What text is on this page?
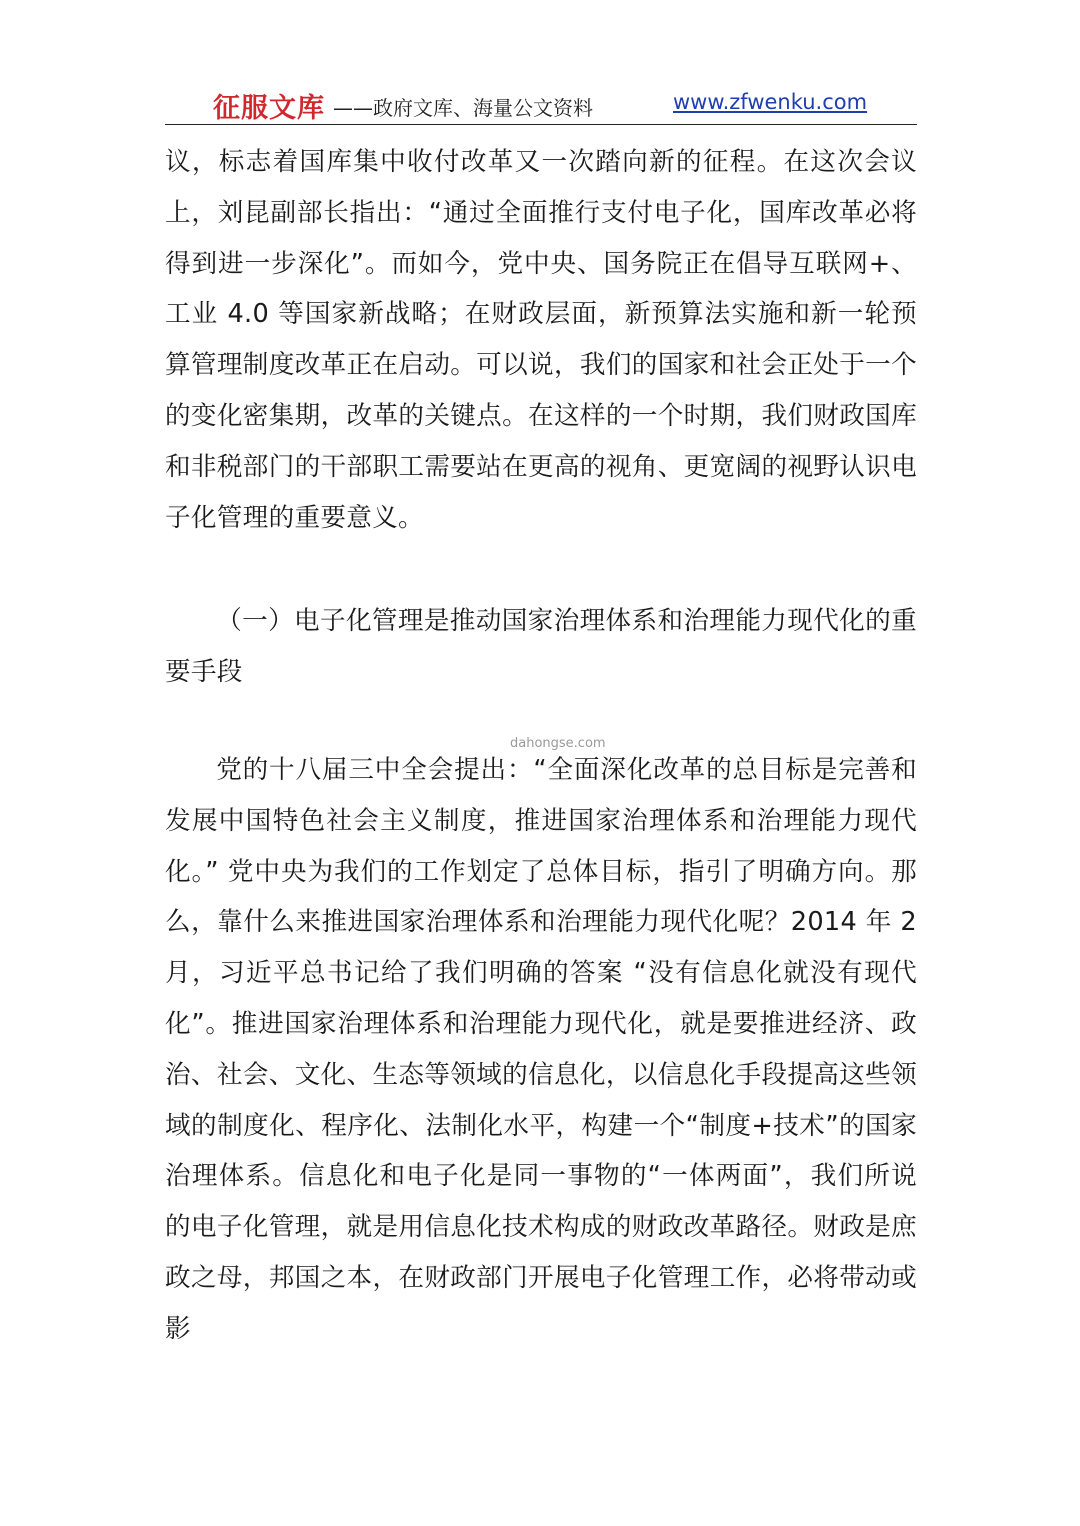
征服文库 ——政府文库、海量公文资料	www.zfwenku.com

议，标志着国库集中收付改革又一次踏向新的征程。在这次会议上，刘昆副部长指出：“通过全面推行支付电子化，国库改革必将得到进一步深化”。而如今，党中央、国务院正在倡导互联网+、工业 4.0 等国家新战略；在财政层面，新预算法实施和新一轮预算管理制度改革正在启动。可以说，我们的国家和社会正处于一个的变化密集期，改革的关键点。在这样的一个时期，我们财政国库和非税部门的干部职工需要站在更高的视角、更宽阔的视野认识电子化管理的重要意义。

（一）电子化管理是推动国家治理体系和治理能力现代化的重要手段

dahongse.com

党的十八届三中全会提出：“全面深化改革的总目标是完善和发展中国特色社会主义制度，推进国家治理体系和治理能力现代化。” 党中央为我们的工作划定了总体目标，指引了明确方向。那么，靠什么来推进国家治理体系和治理能力现代化呢？2014 年 2 月，习近平总书记给了我们明确的答案 “没有信息化就没有现代化”。推进国家治理体系和治理能力现代化，就是要推进经济、政治、社会、文化、生态等领域的信息化，以信息化手段提高这些领域的制度化、程序化、法制化水平，构建一个“制度+技术”的国家治理体系。信息化和电子化是同一事物的“一体两面”，我们所说的电子化管理，就是用信息化技术构成的财政改革路径。财政是庶政之母，邦国之本，在财政部门开展电子化管理工作，必将带动或影
